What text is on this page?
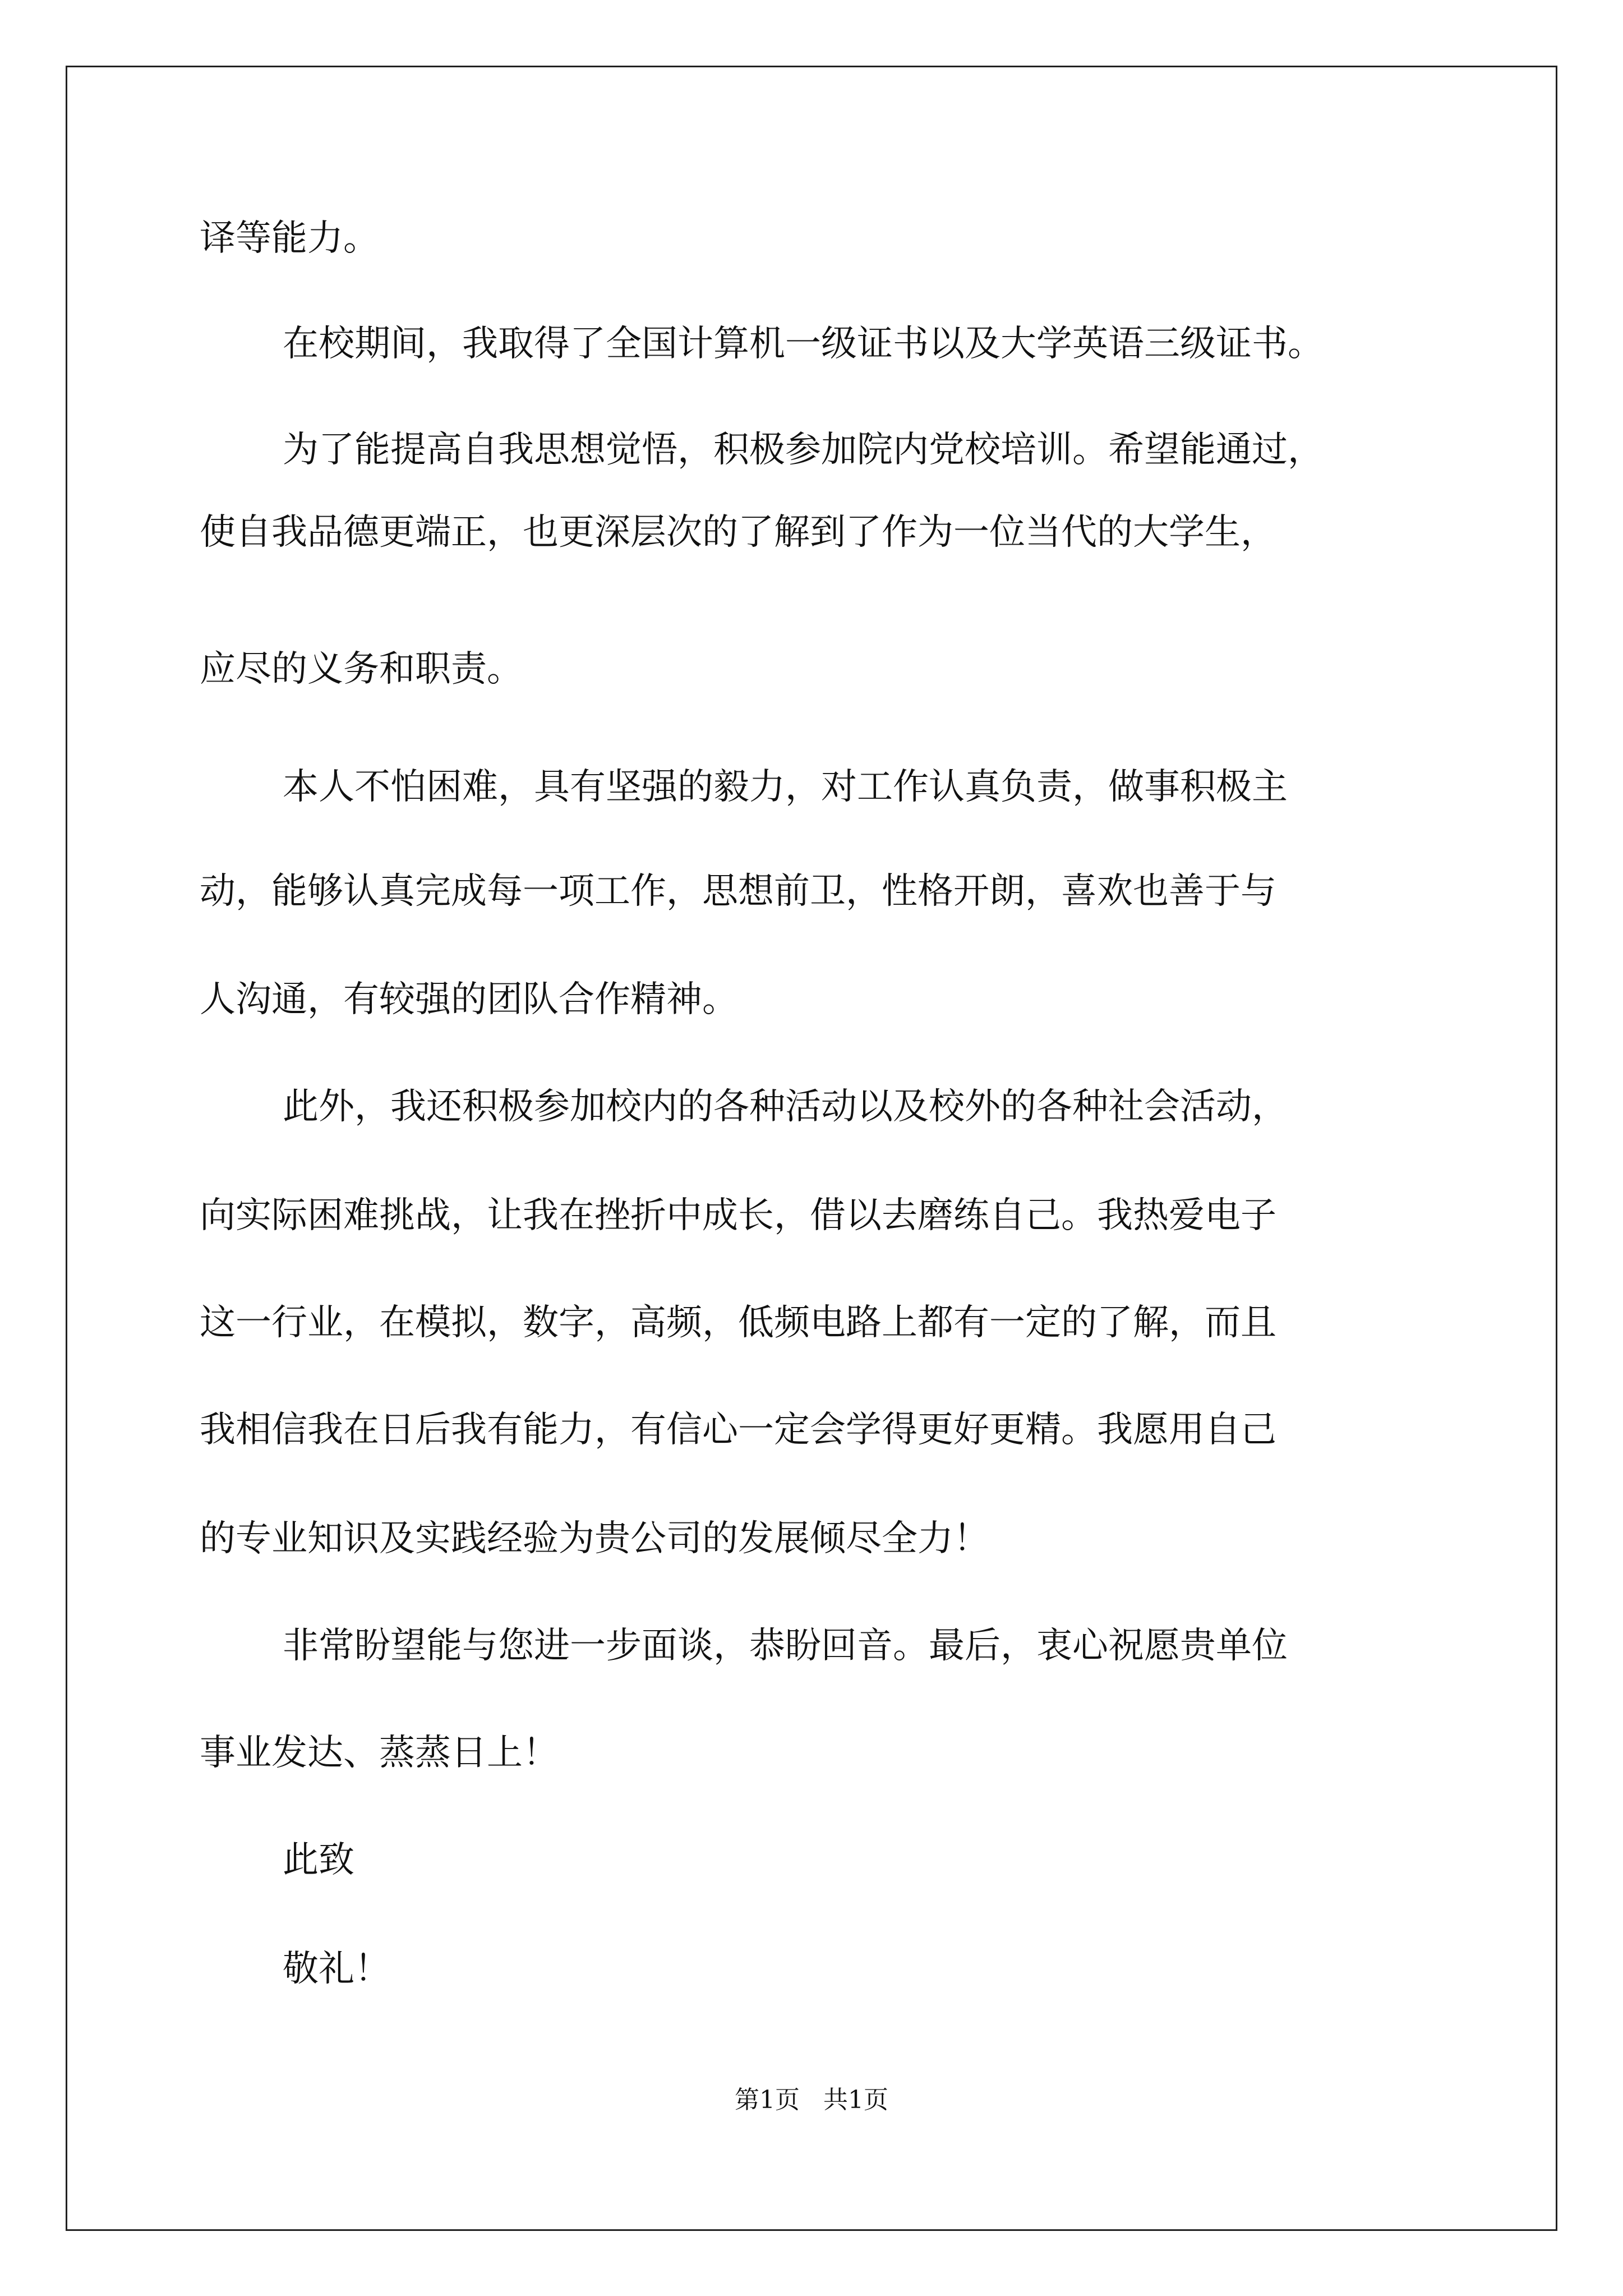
译等能力。
在校期间，我取得了全国计算机一级证书以及大学英语三级证书。
为了能提高自我思想觉悟，积极参加院内党校培训。希望能通过，
使自我品德更端正，也更深层次的了解到了作为一位当代的大学生，
应尽的义务和职责。
本人不怕困难，具有坚强的毅力，对工作认真负责，做事积极主
动，能够认真完成每一项工作，思想前卫，性格开朗，喜欢也善于与
人沟通，有较强的团队合作精神。
此外，我还积极参加校内的各种活动以及校外的各种社会活动，
向实际困难挑战，让我在挫折中成长，借以去磨练自己。我热爱电子
这一行业，在模拟，数字，高频，低频电路上都有一定的了解，而且
我相信我在日后我有能力，有信心一定会学得更好更精。我愿用自己
的专业知识及实践经验为贵公司的发展倾尽全力！
非常盼望能与您进一步面谈，恭盼回音。最后，衷心祝愿贵单位
事业发达、蒸蒸日上！
此致
敬礼！
第1页   共1页
